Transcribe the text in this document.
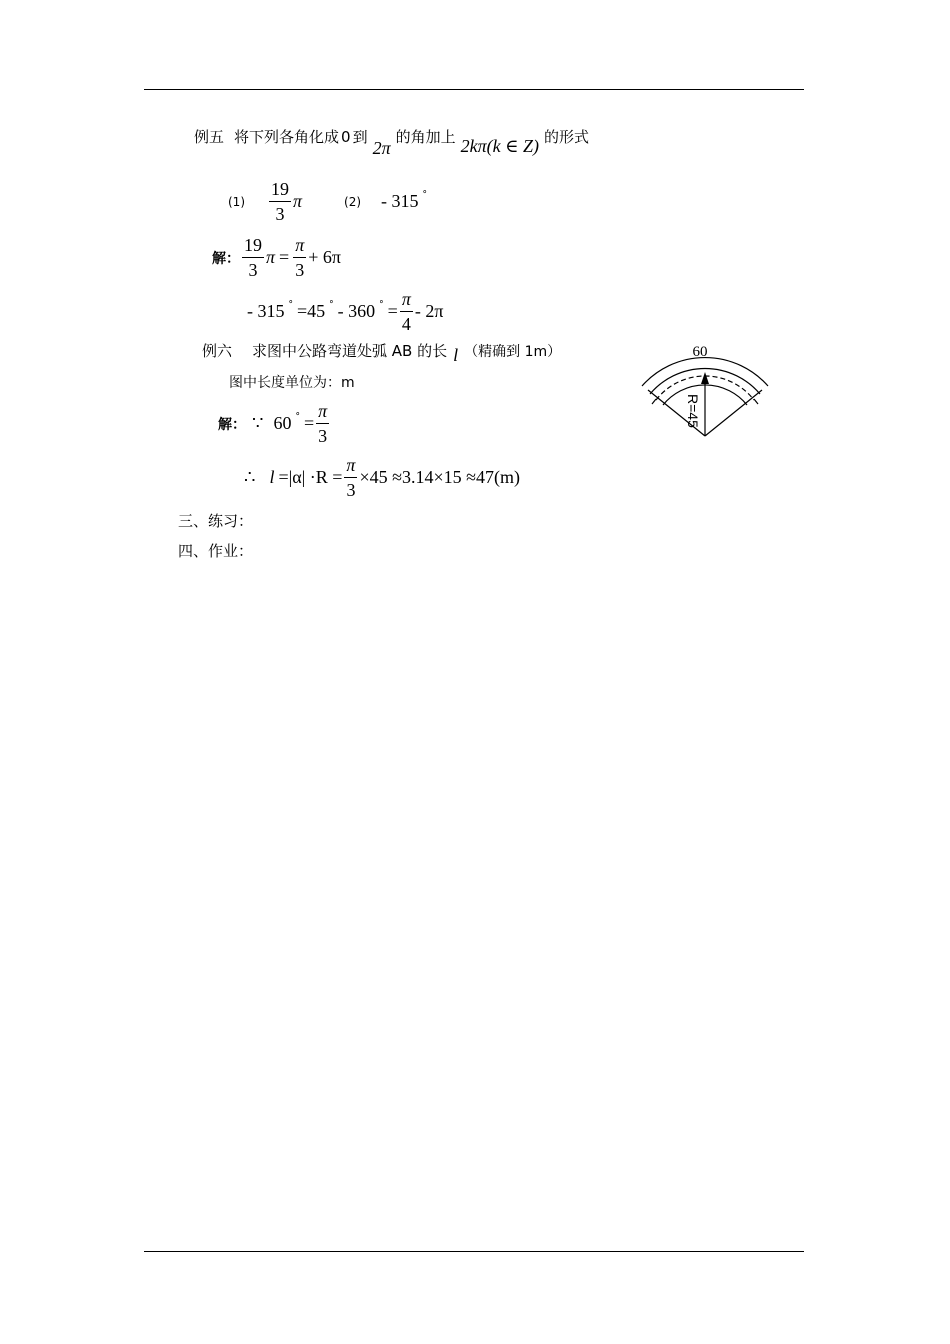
例五 将下列各角化成 0 到
2π
的角加上 2kπ(k ∈ Z) 的形式
$(1) \frac{19}{3}$ π	(2) - 315 °
解： $\frac{19}{3}$ $\pi = \frac{\pi}{3} + 6\pi$
- 315 ° =45 ° - 360 ° = $\frac{\pi}{4} - 2\pi$
例六 求图中公路弯道处弧 AB 的长 l （精确到 1m）
图中长度单位为：m
解： ∵ 60 ° = $\frac{\pi}{3}$
∴ $l =|\alpha| \cdot R = \frac{\pi}{3} \times 45 \approx 3.14\times 15 \approx 47(m)$
三、练习：
四、作业：
60
R=45
